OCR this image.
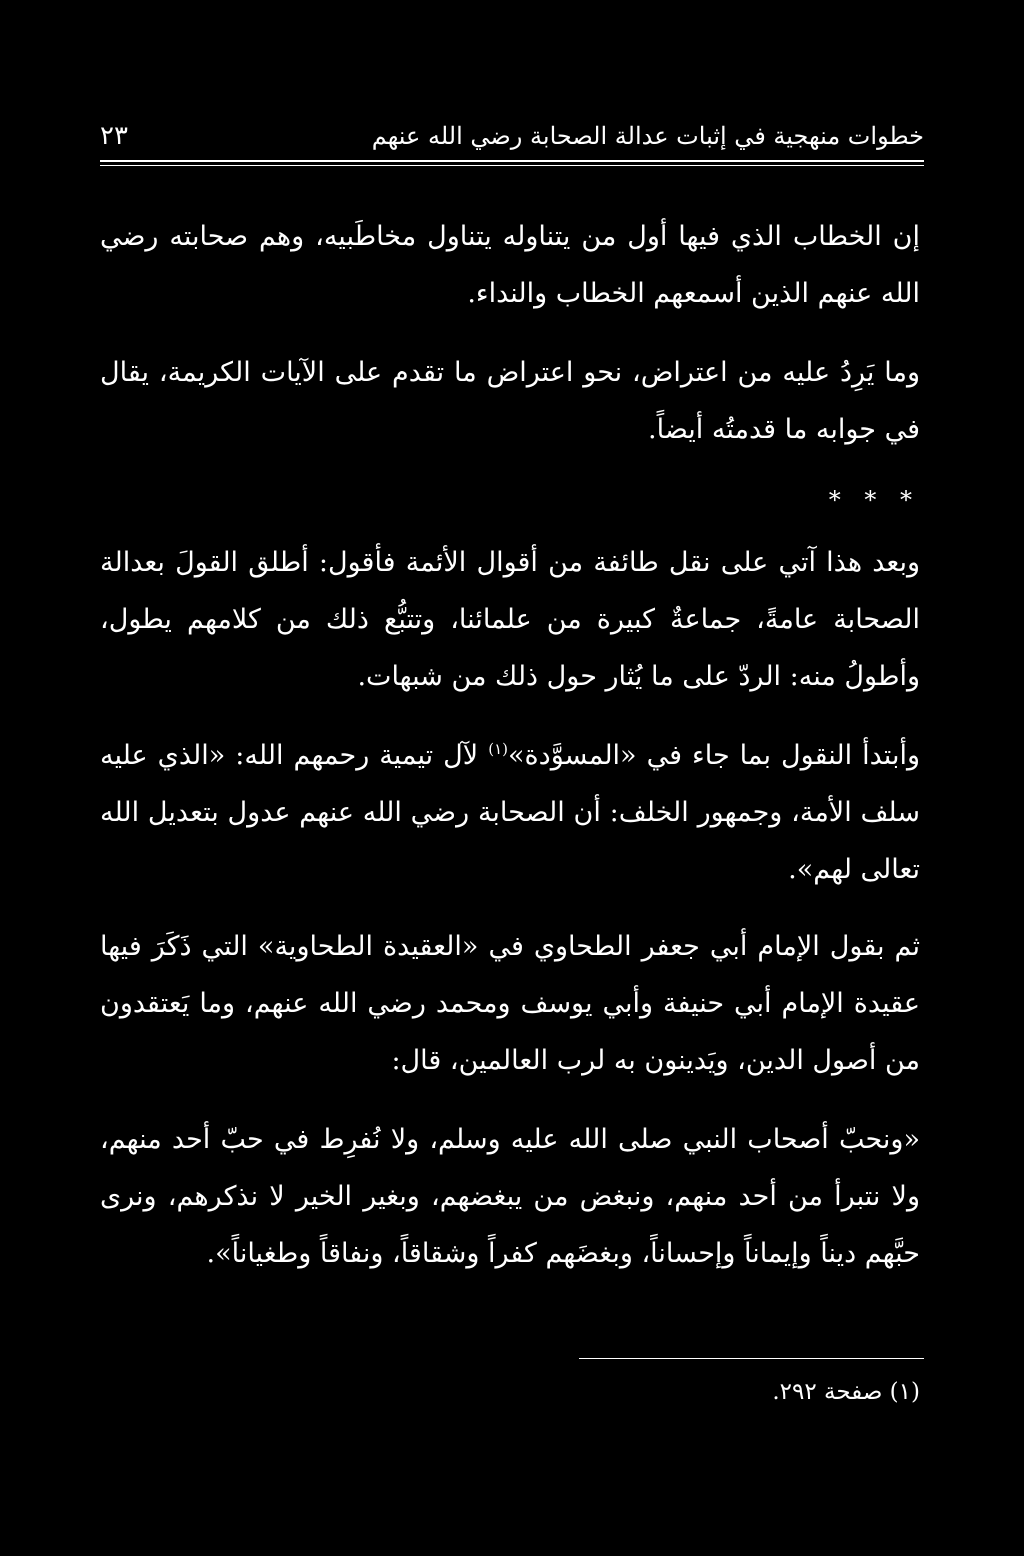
خطوات منهجية في إثبات عدالة الصحابة رضي الله عنهم
٢٣

إن الخطاب الذي فيها أول من يتناوله يتناول مخاطَبيه، وهم صحابته رضي الله عنهم الذين أسمعهم الخطاب والنداء.

وما يَرِدُ عليه من اعتراض، نحو اعتراض ما تقدم على الآيات الكريمة، يقال في جوابه ما قدمتُه أيضاً.

* * *

وبعد هذا آتي على نقل طائفة من أقوال الأئمة فأقول: أطلق القولَ بعدالة الصحابة عامةً، جماعةٌ كبيرة من علمائنا، وتتبُّع ذلك من كلامهم يطول، وأطولُ منه: الردّ على ما يُثار حول ذلك من شبهات.

وأبتدأ النقول بما جاء في «المسوَّدة»$^{(١)}$ لآل تيمية رحمهم الله: «الذي عليه سلف الأمة، وجمهور الخلف: أن الصحابة رضي الله عنهم عدول بتعديل الله تعالى لهم».

ثم بقول الإمام أبي جعفر الطحاوي في «العقيدة الطحاوية» التي ذَكَرَ فيها عقيدة الإمام أبي حنيفة وأبي يوسف ومحمد رضي الله عنهم، وما يَعتقدون من أصول الدين، ويَدينون به لرب العالمين، قال:

«ونحبّ أصحاب النبي صلى الله عليه وسلم، ولا نُفرِط في حبّ أحد منهم، ولا نتبرأ من أحد منهم، ونبغض من يبغضهم، وبغير الخير لا نذكرهم، ونرى حبَّهم ديناً وإيماناً وإحساناً، وبغضَهم كفراً وشقاقاً، ونفاقاً وطغياناً».

(١) صفحة ٢٩٢.
